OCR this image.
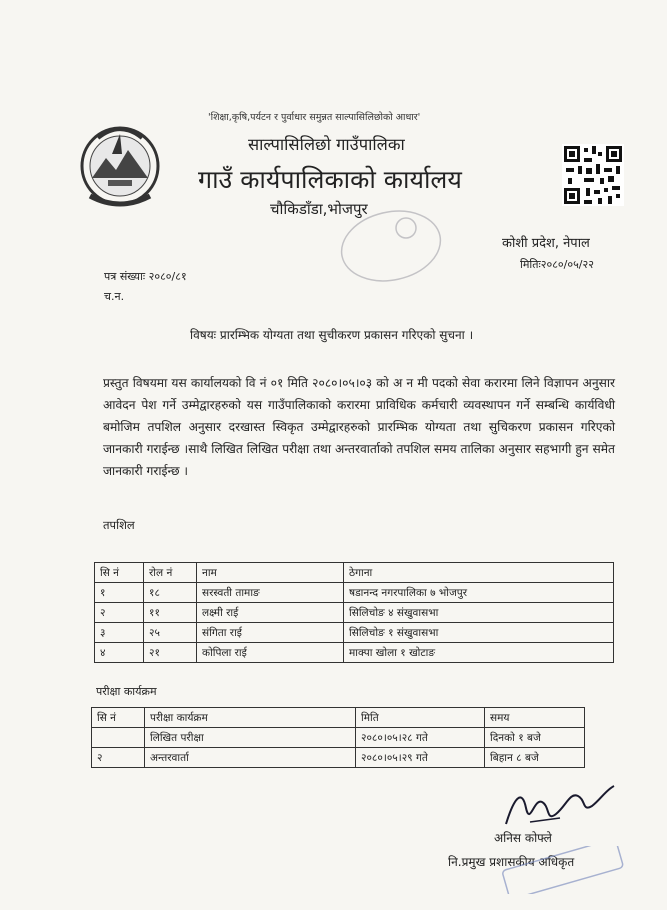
'शिक्षा,कृषि,पर्यटन र पुर्वाधार समुन्नत साल्पासिलिछोको आधार'
साल्पासिलिछो गाउँपालिका
गाउँ कार्यपालिकाको कार्यालय
चौकिडाँडा,भोजपुर
कोशी प्रदेश, नेपाल
मितिः२०८०/०५/२२
पत्र संख्याः २०८०/८१
च.न.
विषयः प्रारम्भिक योग्यता तथा सुचीकरण प्रकासन गरिएको सुचना ।
प्रस्तुत विषयमा यस कार्यालयको वि नं ०१ मिति २०८०।०५।०३ को अ न मी पदको सेवा करारमा लिने विज्ञापन अनुसार आवेदन पेश गर्ने उम्मेद्वारहरुको यस गाउँपालिकाको करारमा प्राविधिक कर्मचारी व्यवस्थापन गर्ने सम्बन्धि कार्यविधी बमोजिम तपशिल अनुसार दरखास्त स्विकृत उम्मेद्वारहरुको प्रारम्भिक योग्यता तथा सुचिकरण प्रकासन गरिएको जानकारी गराईन्छ ।साथै लिखित लिखित परीक्षा तथा अन्तरवार्ताको तपशिल समय तालिका अनुसार सहभागी हुन समेत जानकारी गराईन्छ ।
तपशिल
सि नं	रोल नं	नाम	ठेगाना
१	१८	सरस्वती तामाङ	षडानन्द नगरपालिका ७ भोजपुर
२	११	लक्ष्मी राई	सिलिचोङ ४ संखुवासभा
३	२५	संगिता राई	सिलिचोङ १ संखुवासभा
४	२१	कोपिला राई	माक्पा खोला १ खोटाङ
परीक्षा कार्यक्रम
सि नं	परीक्षा कार्यक्रम	मिति	समय
	लिखित परीक्षा	२०८०।०५।२८ गते	दिनको १ बजे
२	अन्तरवार्ता	२०८०।०५।२९ गते	बिहान ८ बजे
अनिस कोफ्ले
नि.प्रमुख प्रशासकीय अधिकृत
